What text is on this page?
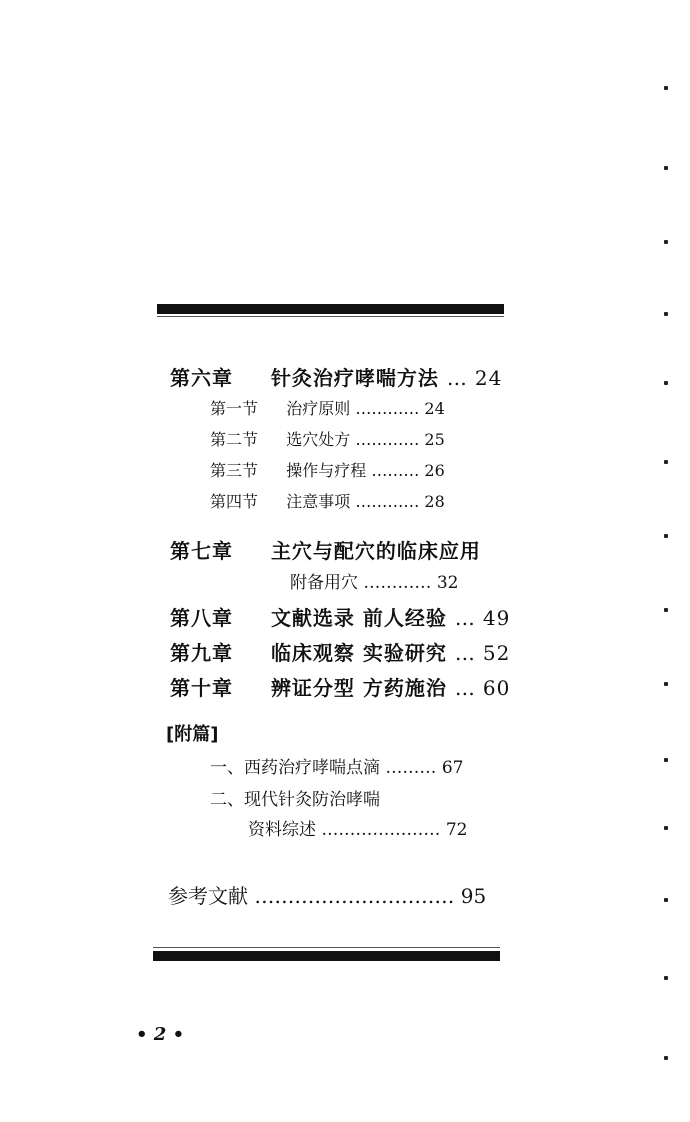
第六章 针灸治疗哮喘方法 … 24
第一节 治疗原则 ………… 24
第二节 选穴处方 ………… 25
第三节 操作与疗程 ……… 26
第四节 注意事项 ………… 28
第七章 主穴与配穴的临床应用
附备用穴 ………… 32
第八章 文献选录 前人经验 … 49
第九章 临床观察 实验研究 … 52
第十章 辨证分型 方药施治 … 60
[附篇]
一、西药治疗哮喘点滴 ……… 67
二、现代针灸防治哮喘
资料综述 ………………… 72
参考文献 ………………………… 95
• 2 •
